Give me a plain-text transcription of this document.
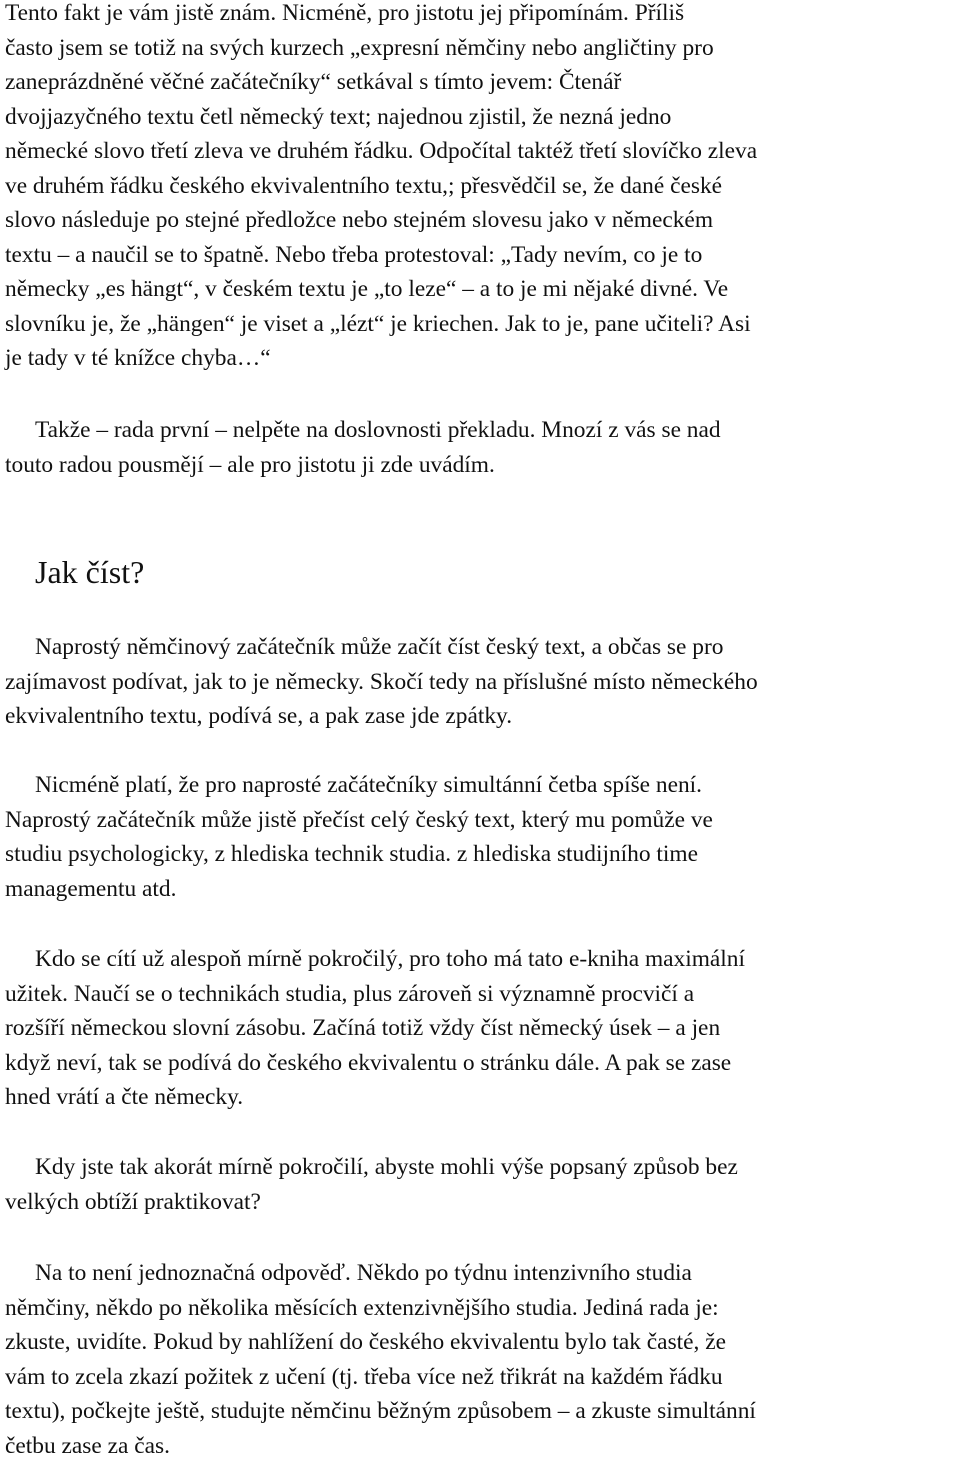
Tento fakt je vám jistě znám. Nicméně, pro jistotu jej připomínám. Příliš
často jsem se totiž na svých kurzech „expresní němčiny nebo angličtiny pro
zaneprázdněné věčné začátečníky“ setkával s tímto jevem: Čtenář
dvojjazyčného textu četl německý text; najednou zjistil, že nezná jedno
německé slovo třetí zleva ve druhém řádku. Odpočítal taktéž třetí slovíčko zleva
ve druhém řádku českého ekvivalentního textu,; přesvědčil se, že dané české
slovo následuje po stejné předložce nebo stejném slovesu jako v německém
textu – a naučil se to špatně. Nebo třeba protestoval: „Tady nevím, co je to
německy „es hängt“, v českém textu je „to leze“ – a to je mi nějaké divné. Ve
slovníku je, že „hängen“ je viset a „lézt“ je kriechen. Jak to je, pane učiteli? Asi
je tady v té knížce chyba…“
Takže – rada první – nelpěte na doslovnosti překladu. Mnozí z vás se nad
touto radou pousmějí – ale pro jistotu ji zde uvádím.
Jak číst?
Naprostý němčinový začátečník může začít číst český text, a občas se pro
zajímavost podívat, jak to je německy. Skočí tedy na příslušné místo německého
ekvivalentního textu, podívá se, a pak zase jde zpátky.
Nicméně platí, že pro naprosté začátečníky simultánní četba spíše není.
Naprostý začátečník může jistě přečíst celý český text, který mu pomůže ve
studiu psychologicky, z hlediska technik studia. z hlediska studijního time
managementu atd.
Kdo se cítí už alespoň mírně pokročilý, pro toho má tato e-kniha maximální
užitek. Naučí se o technikách studia, plus zároveň si významně procvičí a
rozšíří německou slovní zásobu. Začíná totiž vždy číst německý úsek – a jen
když neví, tak se podívá do českého ekvivalentu o stránku dále. A pak se zase
hned vrátí a čte německy.
Kdy jste tak akorát mírně pokročilí, abyste mohli výše popsaný způsob bez
velkých obtíží praktikovat?
Na to není jednoznačná odpověď. Někdo po týdnu intenzivního studia
němčiny, někdo po několika měsících extenzivnějšího studia. Jediná rada je:
zkuste, uvidíte. Pokud by nahlížení do českého ekvivalentu bylo tak časté, že
vám to zcela zkazí požitek z učení (tj. třeba více než třikrát na každém řádku
textu), počkejte ještě, studujte němčinu běžným způsobem – a zkuste simultánní
četbu zase za čas.
